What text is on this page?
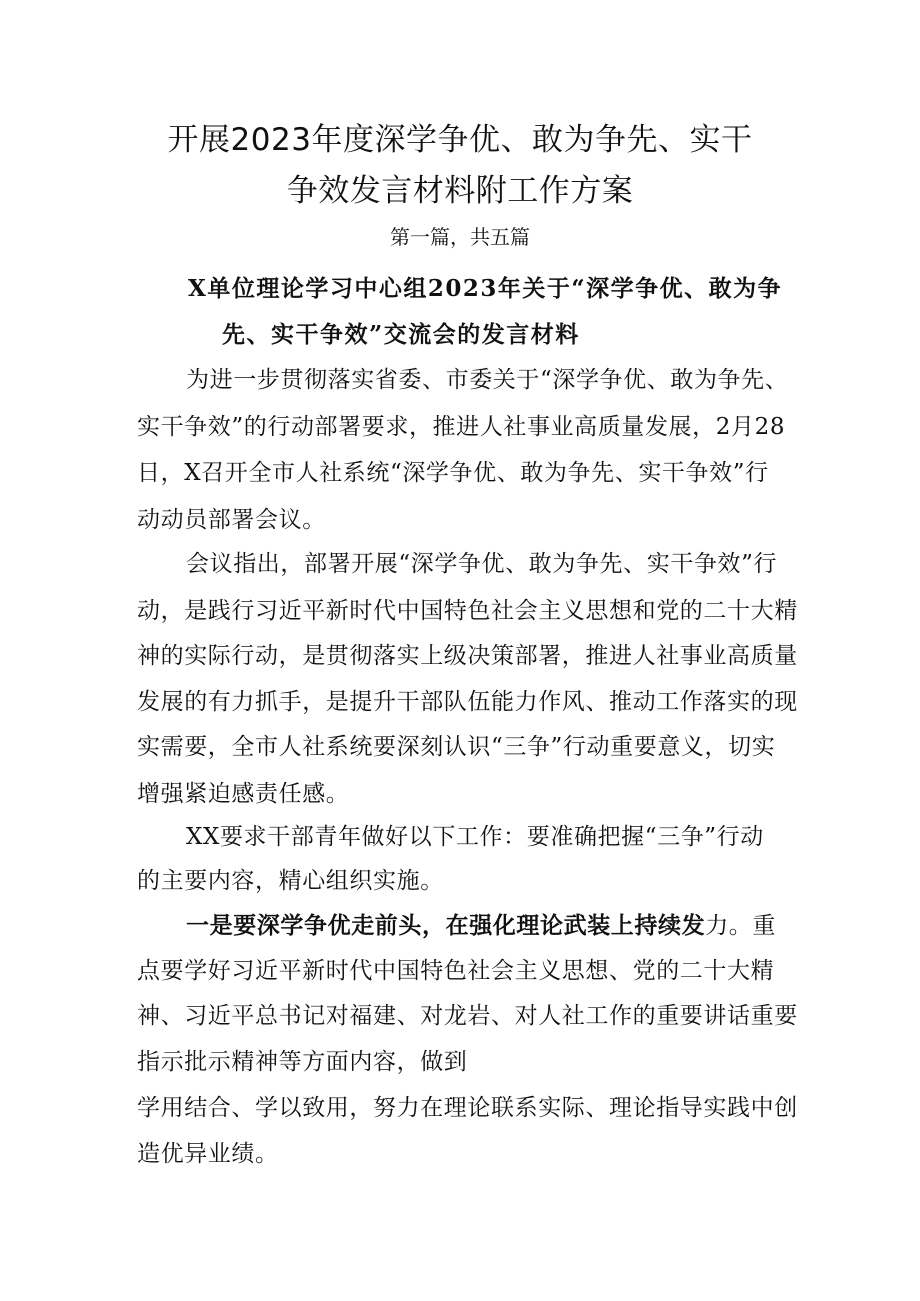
开展2023年度深学争优、敢为争先、实干
争效发言材料附工作方案
第一篇，共五篇
X单位理论学习中心组2023年关于“深学争优、敢为争
先、实干争效”交流会的发言材料
为进一步贯彻落实省委、市委关于“深学争优、敢为争先、
实干争效”的行动部署要求，推进人社事业高质量发展，2月28
日，X召开全市人社系统“深学争优、敢为争先、实干争效”行
动动员部署会议。
会议指出，部署开展“深学争优、敢为争先、实干争效”行
动，是践行习近平新时代中国特色社会主义思想和党的二十大精
神的实际行动，是贯彻落实上级决策部署，推进人社事业高质量
发展的有力抓手，是提升干部队伍能力作风、推动工作落实的现
实需要，全市人社系统要深刻认识“三争”行动重要意义，切实
增强紧迫感责任感。
XX要求干部青年做好以下工作：要准确把握“三争”行动
的主要内容，精心组织实施。
一是要深学争优走前头，在强化理论武装上持续发力。重
点要学好习近平新时代中国特色社会主义思想、党的二十大精
神、习近平总书记对福建、对龙岩、对人社工作的重要讲话重要
指示批示精神等方面内容，做到
学用结合、学以致用，努力在理论联系实际、理论指导实践中创
造优异业绩。
